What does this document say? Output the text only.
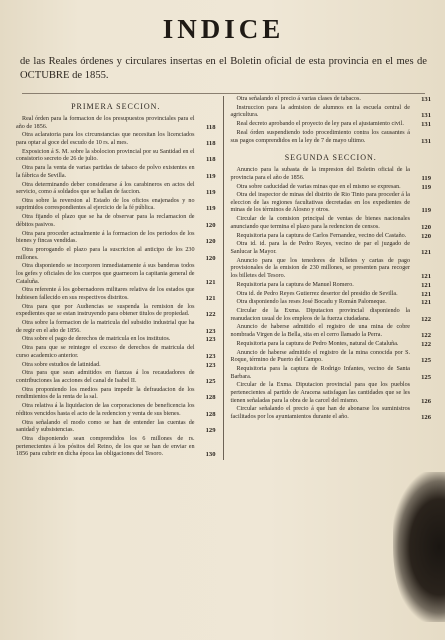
INDICE
de las Reales órdenes y circulares insertas en el Boletin oficial de esta provincia en el mes de OCTUBRE de 1855.
PRIMERA SECCION.
Real órden para la formacion de los presupuestos provinciales para el año de 1856.	118
Otra aclaratoria para los circunstancias que necesitan los licenciados para optar al goce del escudo de 10 rs. al mes.	118
Exposicion á S. M. sobre la sbolocion provincial por su Santidad en el consistorio secreto de 26 de julio.	118
Otra para la venta de varias partidas de tabaco de polvo existentes en la fábrica de Sevilla.	119
Otra determinando deber considerarse á los carabineros en actos del servicio, como á soldados que se hallan de faccion.	119
Otra sobre la reversion al Estado de los oficios enajenados y no suprimidos correspondientes al ejercicio de la fé pública.	119
Otra fijando el plazo que se ha de observar para la reclamacion de débitos pasivos.	120
Otra para proceder actualmente á la formacion de los periodos de los bienes y fincas vendidas.	120
Otra prorogando el plazo para la suscricion al anticipo de los 230 millones.	120
Otra disponiendo se incorporen inmediatamente á sus banderas todos los gefes y oficiales de los cuerpos que guarnecen la capitania general de Cataluña.	121
Otra referente á los gobernadores militares relativa de los estados que hubiesen fallecido en sus respectivos distritos.	121
Otra para que por Audiencias se suspenda la remision de los expedientes que se estan instruyendo para obtener titulos de propiedad.	122
Otra sobre la formacion de la matricula del subsidio industrial que ha de regir en el año de 1856.	123
Otra sobre el pago de derechos de matricula en los institutos.	123
Otra para que se reintegre el exceso de derechos de matricula del curso academico anterior.	123
Otra sobre estudios de latinidad.	123
Otra para que sean admitidos en fianzas á los recaudadores de contribuciones las acciones del canal de Isabel II.	125
Otra proponiendo los medios para impedir la defraudacion de los rendimientos de la renta de la sal.	128
Otra relativa á la liquidacion de las corporaciones de beneficencia los réditos vencidos hasta el acto de la redencion y venta de sus bienes.	128
Otra señalando el modo como se han de entender las cuentas de sanidad y subsistencias.	129
Otra disponiendo sean comprendidos los 6 millones de rs. pertenecientes á los pósitos del Reino, de los que se han de enviar en 1856 para cubrir en dicha época las obligaciones del Tesoro.	130
Otra señalando el precio á varias clases de tabacos.	131
Instruccion para la admision de alumnos en la escuela central de agricultura.	131
Real decreto aprobando el proyecto de ley para el ajustamiento civil.	131
Real órden suspendiendo todo procedimiento contra los causantes á sus pagos comprendidos en la ley de 7 de mayo ultimo.	131
SEGUNDA SECCION.
Anuncio para la subasta de la impresion del Boletin oficial de la provincia para el año de 1856.	119
Otra sobre caducidad de varias minas que en el mismo se expresan.	119
Otra del inspector de minas del distrito de Rio Tinto para proceder á la eleccion de las regiones facultativas decretadas en los expedientes de minas de los términos de Alosno y otros.	119
Circular de la comision principal de ventas de bienes nacionales anunciando que termina el plazo para la redencion de censos.	120
Requisitoria para la captura de Carlos Fernandez, vecino del Castaño.	120
Otra id. id. para la de Pedro Reyes, vecino de par el juzgado de Sanlucar la Mayor.	121
Anuncio para que los tenedores de billetes y cartas de pago provisionales de la emision de 230 millones, se presenten para recoger los billetes del Tesoro.	121
Requisitoria para la captura de Manuel Romero.	121
Otra id. de Pedro Reyes Gutierrez desertor del presidio de Sevilla.	121
Otra disponiendo las reses José Bocadu y Román Palomeque.	121
Circular de la Exma. Diputacion provincial disponiendo la reanudacion usual de los empleos de la fuerza ciudadana.	122
Anuncio de haberse admitido el registro de una mina de cobre nombrada Virgen de la Bella, sita en el cerro llamado la Perra.	122
Requisitoria para la captura de Pedro Montes, natural de Cataluña.	122
Anuncio de haberse admitido el registro de la mina conocida por S. Roque, término de Puerto del Campo.	125
Requisitoria para la captura de Rodrigo Infantes, vecino de Santa Barbara.	125
Circular de la Exma. Diputacion provincial para que los pueblos pertenecientes al partido de Aracena satisfagan las cantidades que se les tienen señaladas para la obra de la carcel del mismo.	126
Circular señalando el precio á que han de abonarse los suministros facilitados por los ayuntamientos durante el año.	126
